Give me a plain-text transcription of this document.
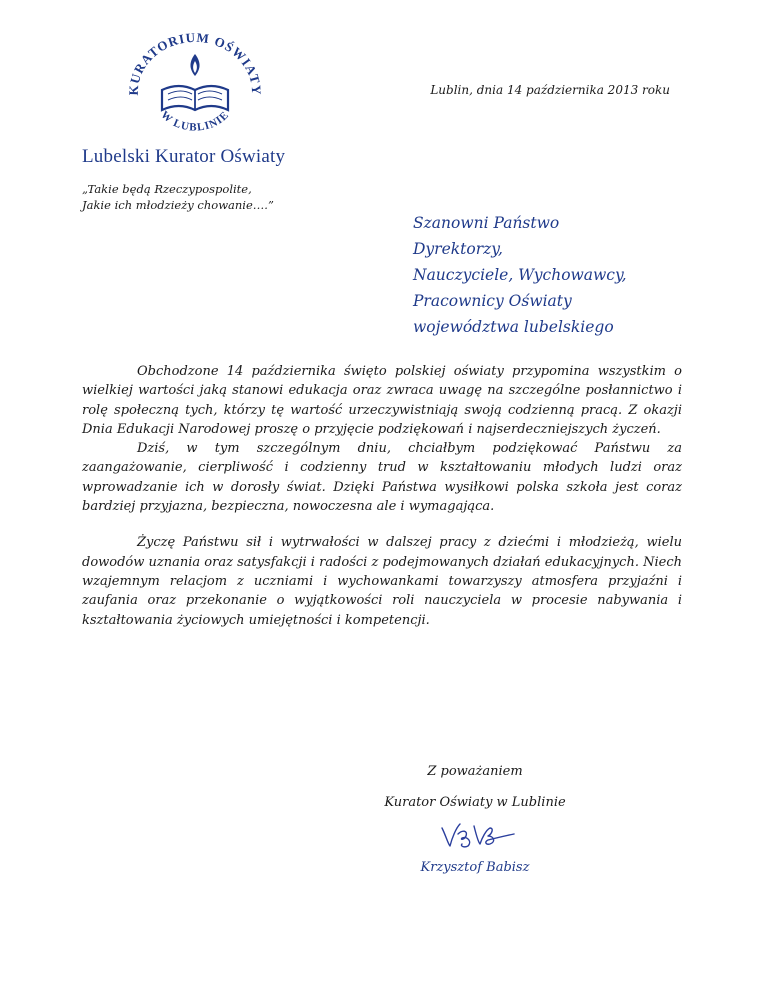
KURATORIUM OŚWIATY
W LUBLINIE
Lubelski Kurator Oświaty
Lublin, dnia 14 października 2013 roku
„Takie będą Rzeczypospolite,
Jakie ich młodzieży chowanie….”
Szanowni Państwo
Dyrektorzy,
Nauczyciele, Wychowawcy,
Pracownicy Oświaty
województwa lubelskiego

Obchodzone 14 października święto polskiej oświaty przypomina wszystkim o wielkiej wartości jaką stanowi edukacja oraz zwraca uwagę na szczególne posłannictwo i rolę społeczną tych, którzy tę wartość urzeczywistniają swoją codzienną pracą. Z okazji Dnia Edukacji Narodowej proszę o przyjęcie podziękowań i najserdeczniejszych życzeń.

Dziś, w tym szczególnym dniu, chciałbym podziękować Państwu za zaangażowanie, cierpliwość i codzienny trud w kształtowaniu młodych ludzi oraz wprowadzanie ich w dorosły świat. Dzięki Państwa wysiłkowi polska szkoła jest coraz bardziej przyjazna, bezpieczna, nowoczesna ale i wymagająca.

Życzę Państwu sił i wytrwałości w dalszej pracy z dziećmi i młodzieżą, wielu dowodów uznania oraz satysfakcji i radości z podejmowanych działań edukacyjnych. Niech wzajemnym relacjom z uczniami i wychowankami towarzyszy atmosfera przyjaźni i zaufania oraz przekonanie o wyjątkowości roli nauczyciela w procesie nabywania i kształtowania życiowych umiejętności i kompetencji.

Z poważaniem
Kurator Oświaty w Lublinie
Krzysztof Babisz
